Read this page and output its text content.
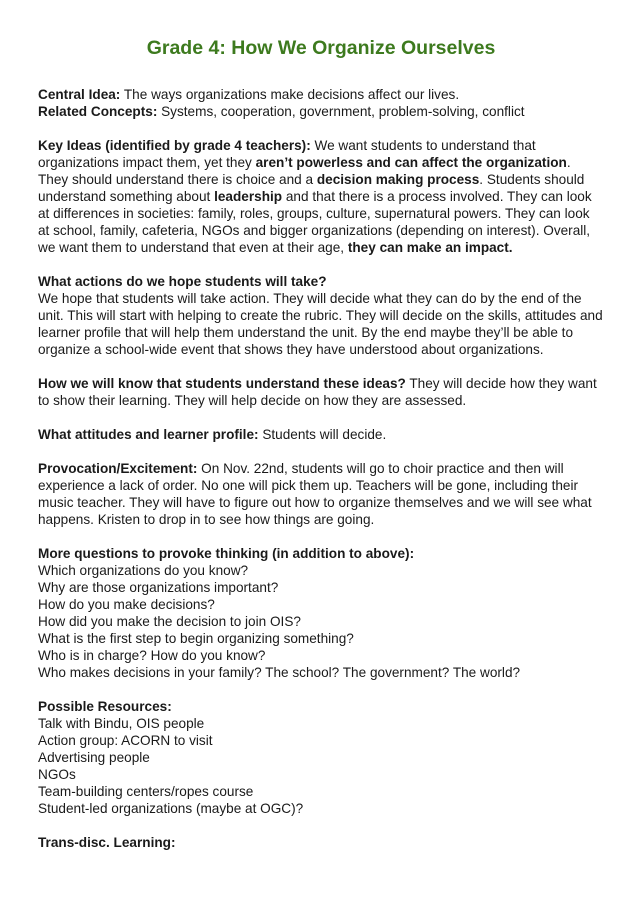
Grade 4: How We Organize Ourselves

Central Idea: The ways organizations make decisions affect our lives.

Related Concepts: Systems, cooperation, government, problem-solving, conflict

Key Ideas (identified by grade 4 teachers): We want students to understand that organizations impact them, yet they aren’t powerless and can affect the organization. They should understand there is choice and a decision making process. Students should understand something about leadership and that there is a process involved. They can look at differences in societies: family, roles, groups, culture, supernatural powers. They can look at school, family, cafeteria, NGOs and bigger organizations (depending on interest). Overall, we want them to understand that even at their age, they can make an impact.

What actions do we hope students will take?

We hope that students will take action. They will decide what they can do by the end of the unit. This will start with helping to create the rubric. They will decide on the skills, attitudes and learner profile that will help them understand the unit. By the end maybe they’ll be able to organize a school-wide event that shows they have understood about organizations.

How we will know that students understand these ideas? They will decide how they want to show their learning. They will help decide on how they are assessed.

What attitudes and learner profile: Students will decide.

Provocation/Excitement: On Nov. 22nd, students will go to choir practice and then will experience a lack of order. No one will pick them up. Teachers will be gone, including their music teacher. They will have to figure out how to organize themselves and we will see what happens. Kristen to drop in to see how things are going.

More questions to provoke thinking (in addition to above):

Which organizations do you know?
Why are those organizations important?
How do you make decisions?
How did you make the decision to join OIS?
What is the first step to begin organizing something?
Who is in charge? How do you know?
Who makes decisions in your family? The school? The government? The world?

Possible Resources:

Talk with Bindu, OIS people
Action group: ACORN to visit
Advertising people
NGOs
Team-building centers/ropes course
Student-led organizations (maybe at OGC)?

Trans-disc. Learning:
